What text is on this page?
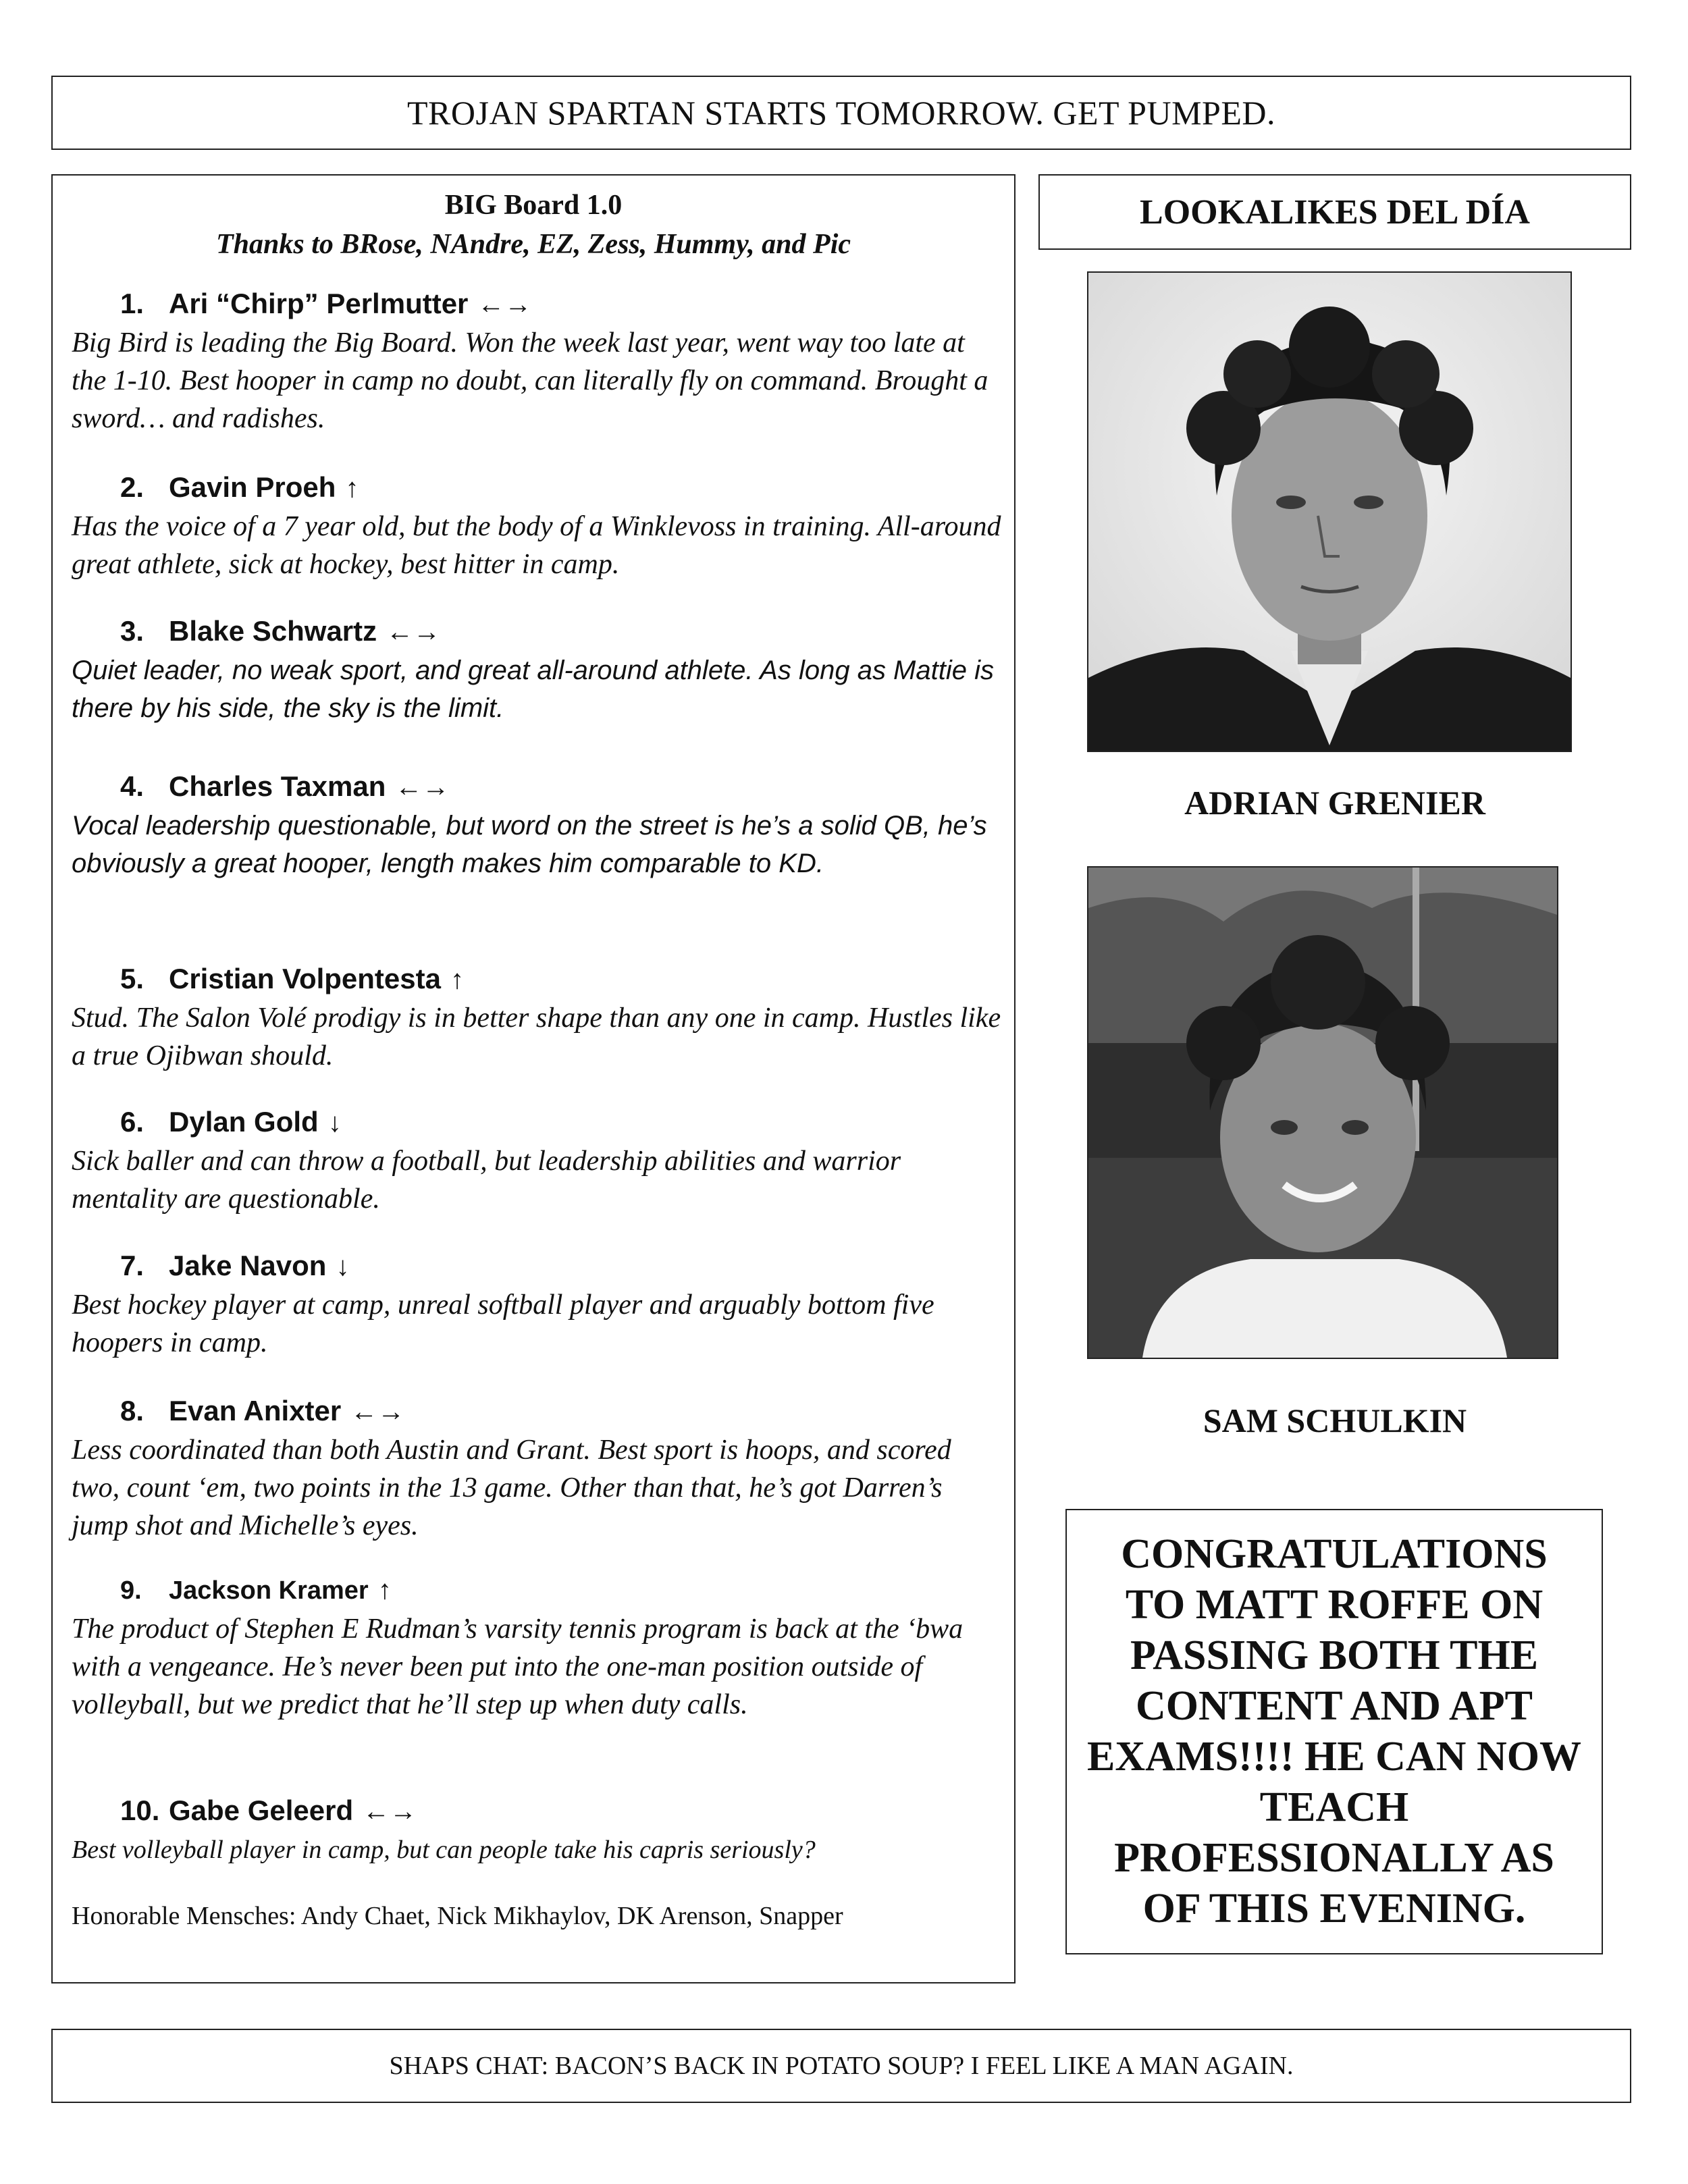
TROJAN SPARTAN STARTS TOMORROW. GET PUMPED.
BIG Board 1.0
Thanks to BRose, NAndre, EZ, Zess, Hummy, and Pic
1. Ari “Chirp” Perlmutter ←→
Big Bird is leading the Big Board. Won the week last year, went way too late at the 1-10. Best hooper in camp no doubt, can literally fly on command. Brought a sword… and radishes.
2. Gavin Proeh ↑
Has the voice of a 7 year old, but the body of a Winklevoss in training. All-around great athlete, sick at hockey, best hitter in camp.
3. Blake Schwartz ←→
Quiet leader, no weak sport, and great all-around athlete. As long as Mattie is there by his side, the sky is the limit.
4. Charles Taxman ←→
Vocal leadership questionable, but word on the street is he’s a solid QB, he’s obviously a great hooper, length makes him comparable to KD.
5. Cristian Volpentesta ↑
Stud. The Salon Volé prodigy is in better shape than any one in camp. Hustles like a true Ojibwan should.
6. Dylan Gold ↓
Sick baller and can throw a football, but leadership abilities and warrior mentality are questionable.
7. Jake Navon ↓
Best hockey player at camp, unreal softball player and arguably bottom five hoopers in camp.
8. Evan Anixter ←→
Less coordinated than both Austin and Grant. Best sport is hoops, and scored two, count ‘em, two points in the 13 game. Other than that, he’s got Darren’s jump shot and Michelle’s eyes.
9. Jackson Kramer ↑
The product of Stephen E Rudman’s varsity tennis program is back at the ‘bwa with a vengeance. He’s never been put into the one-man position outside of volleyball, but we predict that he’ll step up when duty calls.
10. Gabe Geleerd ←→
Best volleyball player in camp, but can people take his capris seriously?
Honorable Mensches: Andy Chaet, Nick Mikhaylov, DK Arenson, Snapper
LOOKALIKES DEL DÍA
ADRIAN GRENIER
SAM SCHULKIN
CONGRATULATIONS TO MATT ROFFE ON PASSING BOTH THE CONTENT AND APT EXAMS!!!! HE CAN NOW TEACH PROFESSIONALLY AS OF THIS EVENING.
SHAPS CHAT: BACON’S BACK IN POTATO SOUP? I FEEL LIKE A MAN AGAIN.
